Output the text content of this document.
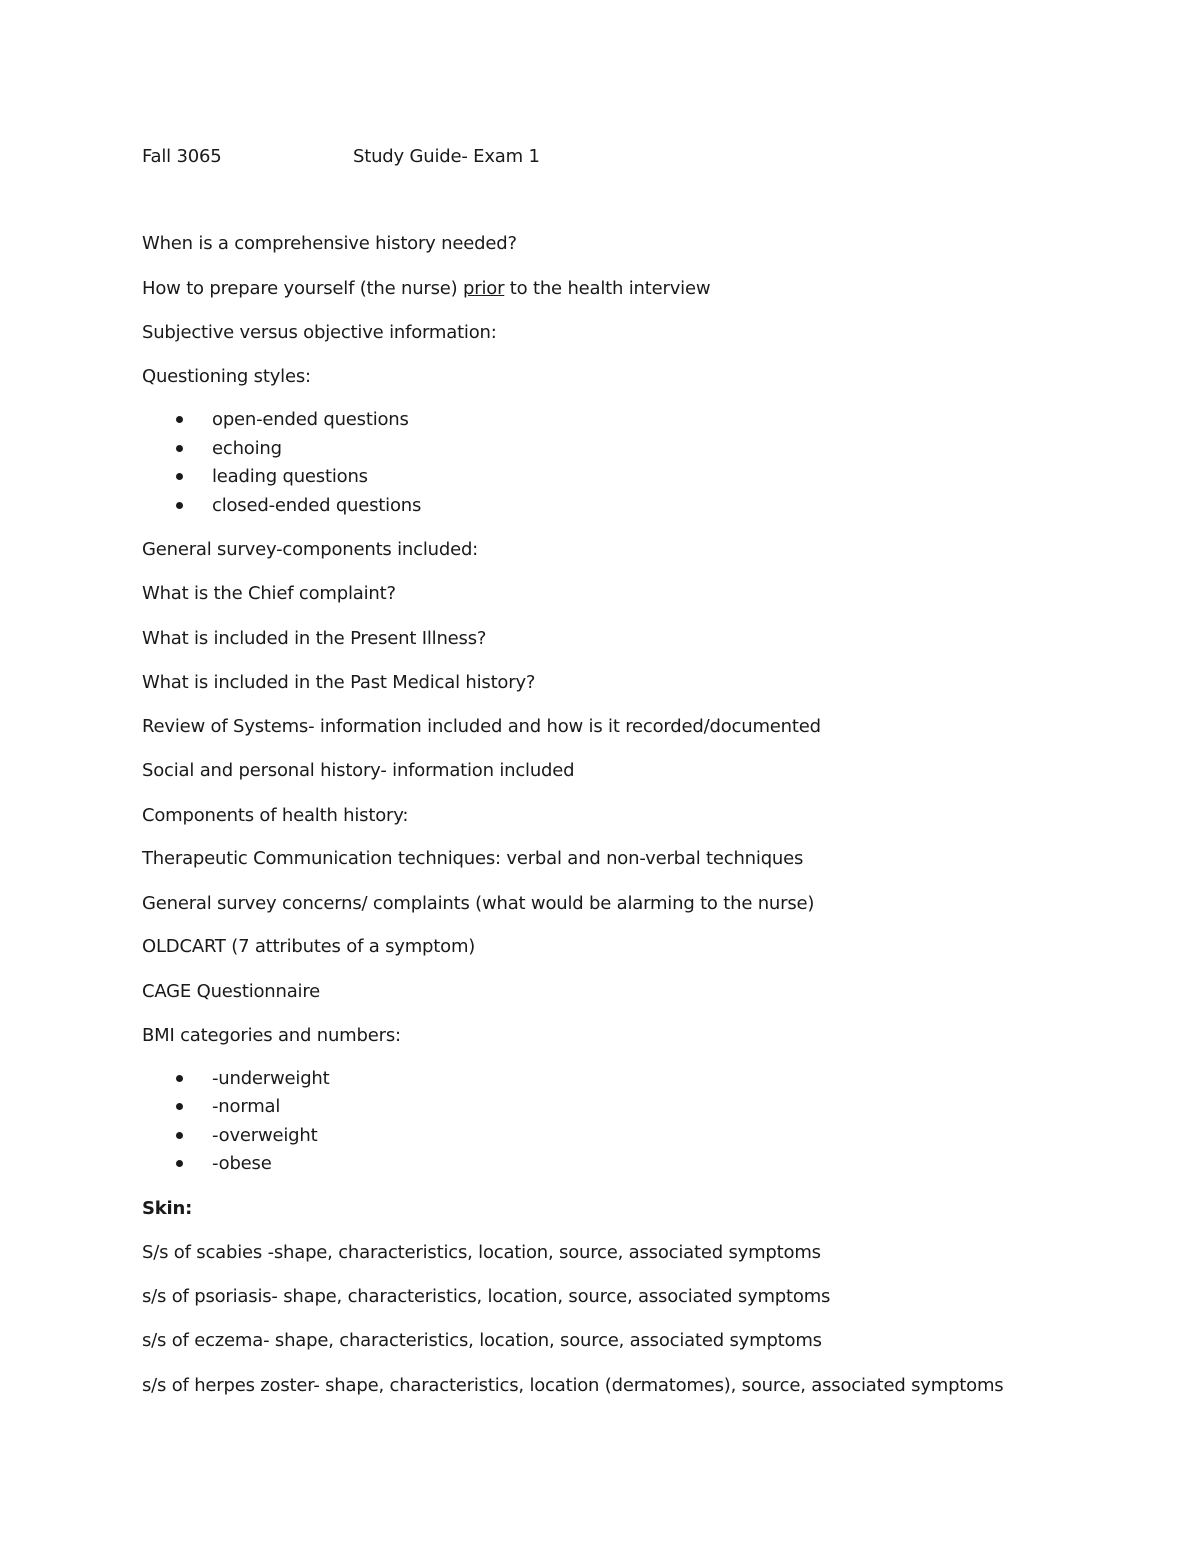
Fall 3065	Study Guide- Exam 1
When is a comprehensive history needed?
How to prepare yourself (the nurse) prior to the health interview
Subjective versus objective information:
Questioning styles:
open-ended questions
echoing
leading questions
closed-ended questions
General survey-components included:
What is the Chief complaint?
What is included in the Present Illness?
What is included in the Past Medical history?
Review of Systems- information included and how is it recorded/documented
Social and personal history- information included
Components of health history:
Therapeutic Communication techniques: verbal and non-verbal techniques
General survey concerns/ complaints (what would be alarming to the nurse)
OLDCART (7 attributes of a symptom)
CAGE Questionnaire
BMI categories and numbers:
-underweight
-normal
-overweight
-obese
Skin:
S/s of scabies -shape, characteristics, location, source, associated symptoms
s/s of psoriasis- shape, characteristics, location, source, associated symptoms
s/s of eczema- shape, characteristics, location, source, associated symptoms
s/s of herpes zoster- shape, characteristics, location (dermatomes), source, associated symptoms
